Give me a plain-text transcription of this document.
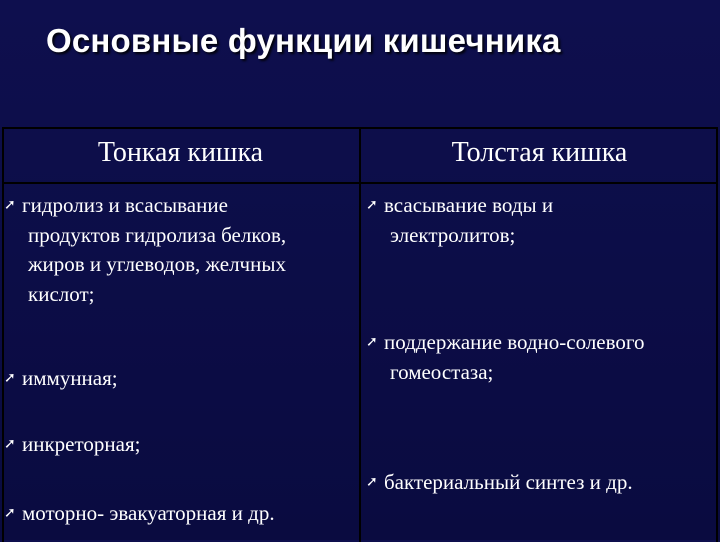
Основные функции кишечника
Тонкая кишка	Толстая кишка
➚ гидролиз и всасывание
продуктов гидролиза белков,
жиров и углеводов, желчных
кислот;
➚ иммунная;
➚ инкреторная;
➚ моторно- эвакуаторная и др.
➚ всасывание воды и
электролитов;
➚ поддержание водно-солевого
гомеостаза;
➚ бактериальный синтез и др.
